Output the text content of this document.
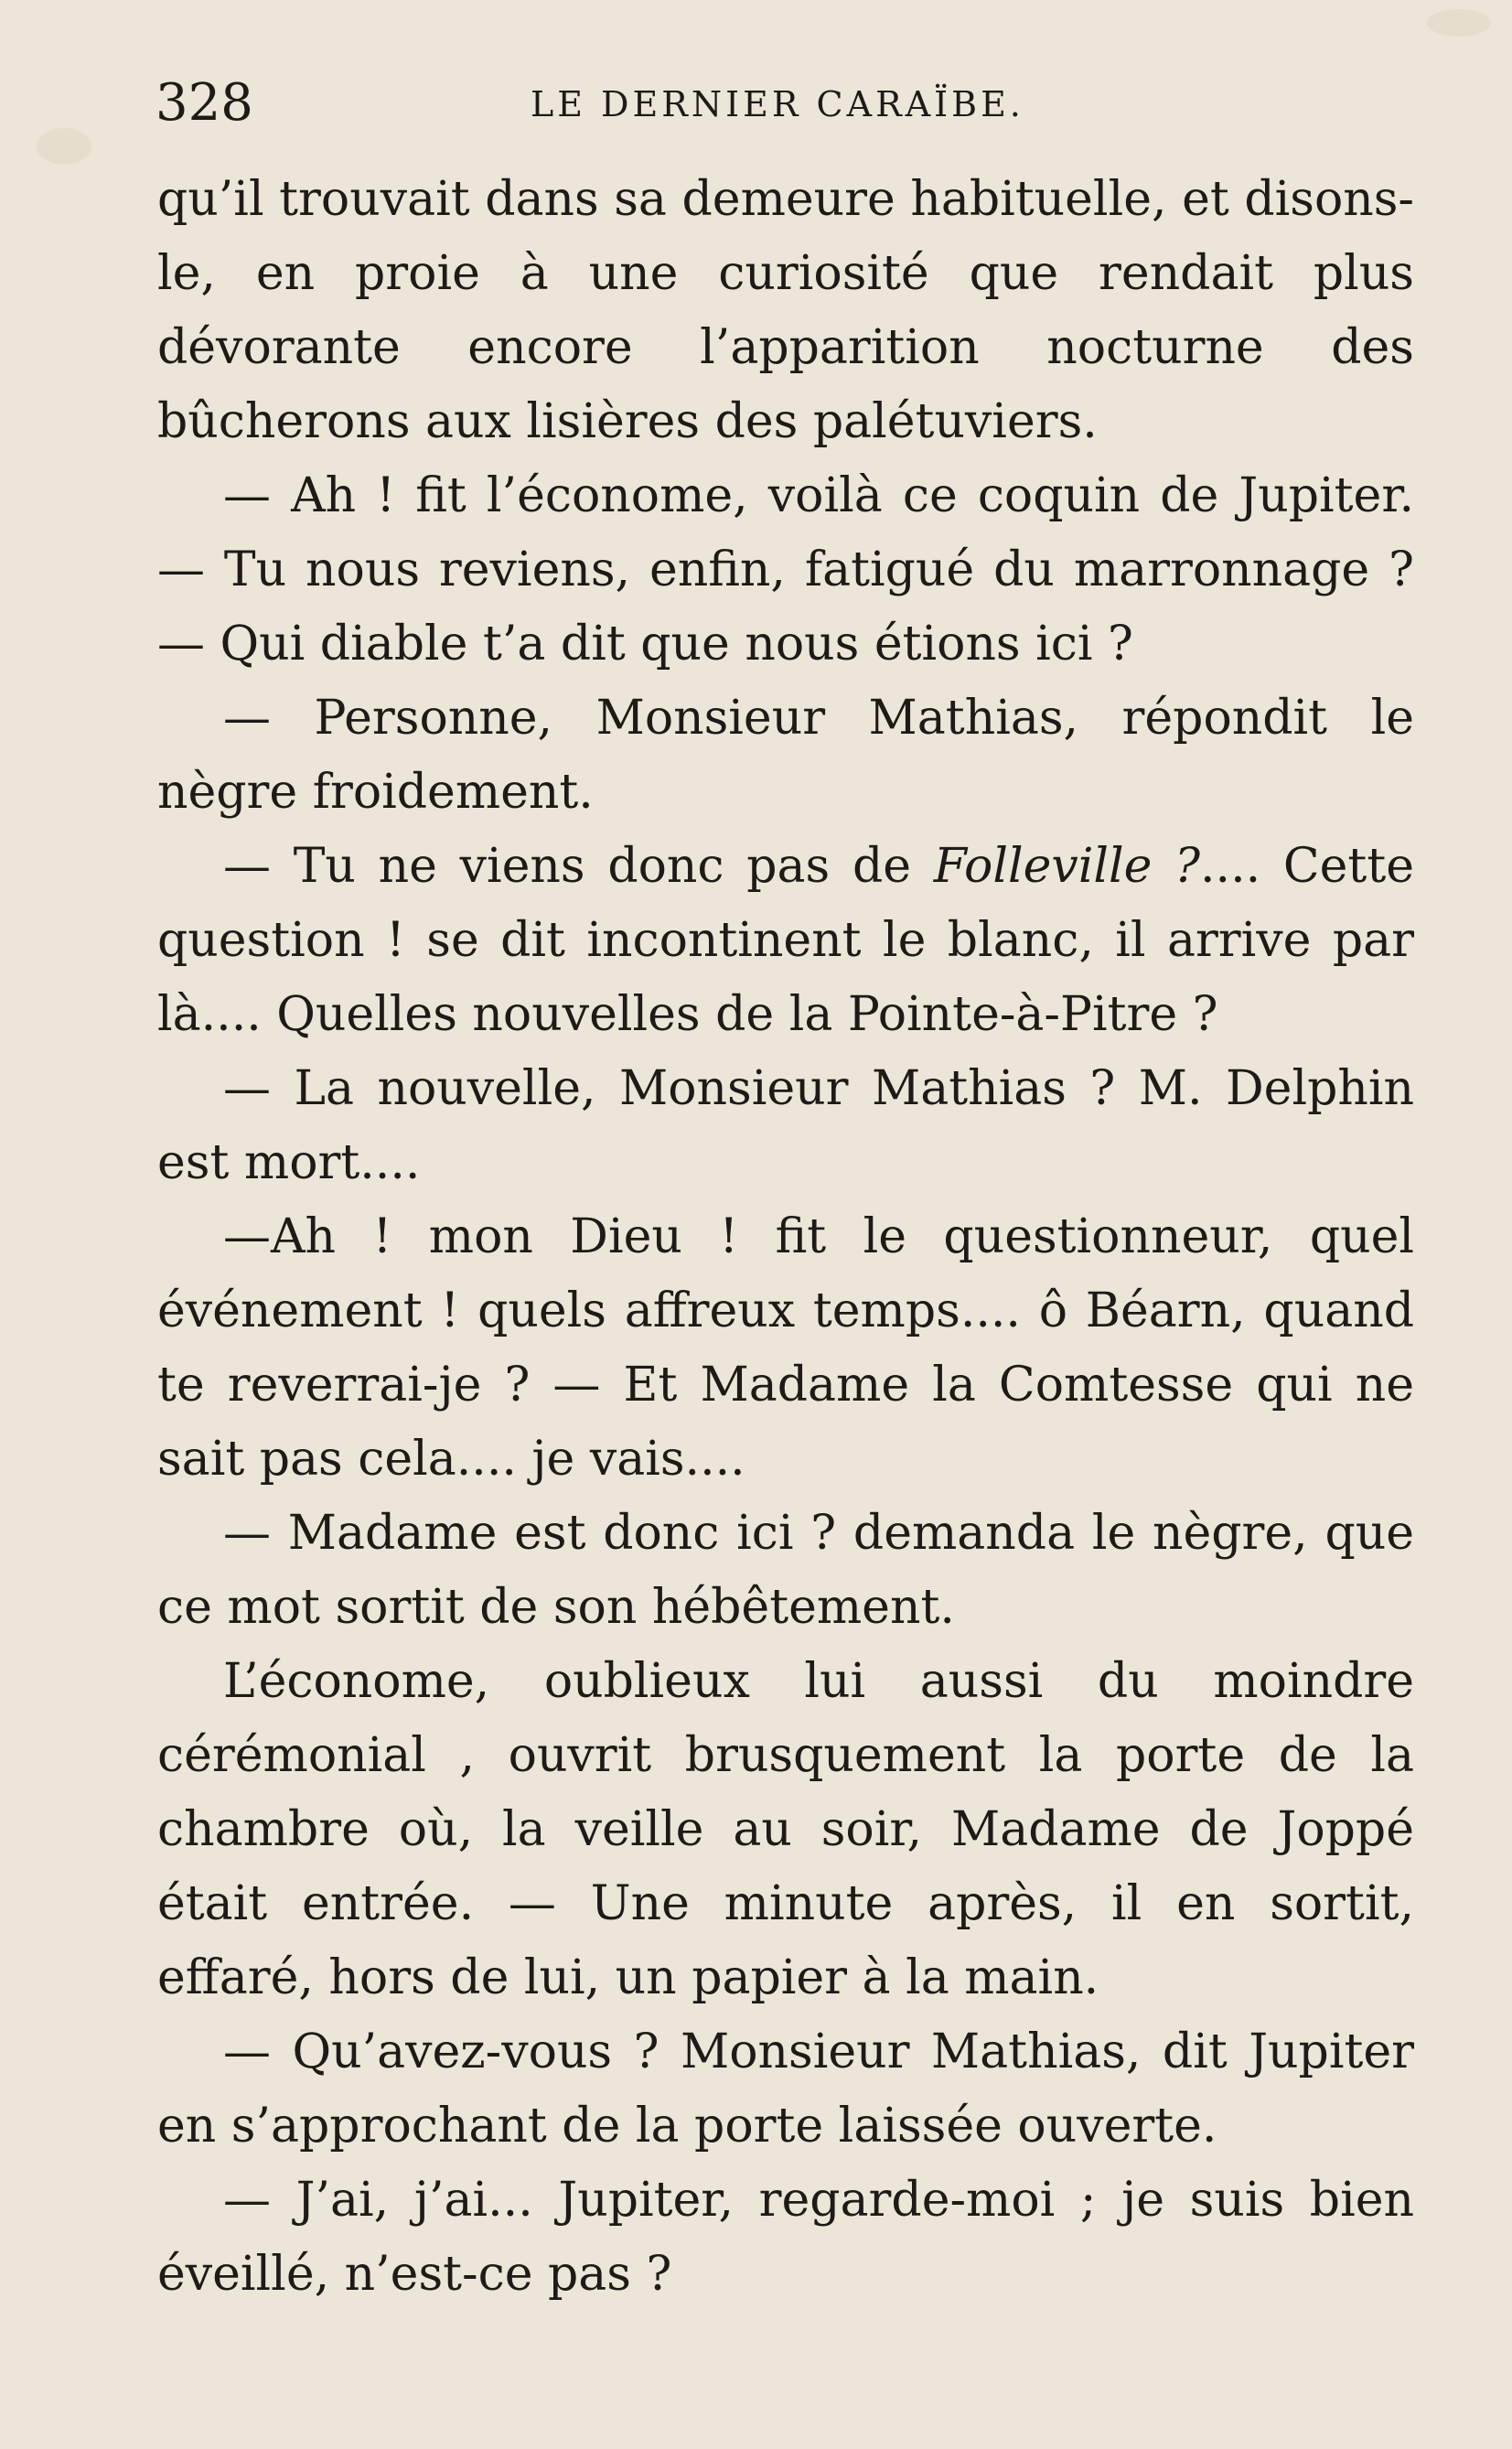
328	LE DERNIER CARAÏBE.

qu’il trouvait dans sa demeure habituelle, et disons-le, en proie à une curiosité que rendait plus dévorante encore l’apparition nocturne des bûcherons aux lisières des palétuviers.

— Ah ! fit l’économe, voilà ce coquin de Jupiter. — Tu nous reviens, enfin, fatigué du marronnage ? — Qui diable t’a dit que nous étions ici ?

— Personne, Monsieur Mathias, répondit le nègre froidement.

— Tu ne viens donc pas de Folleville ?.... Cette question ! se dit incontinent le blanc, il arrive par là.... Quelles nouvelles de la Pointe-à-Pitre ?

— La nouvelle, Monsieur Mathias ? M. Delphin est mort....

—Ah ! mon Dieu ! fit le questionneur, quel événement ! quels affreux temps.... ô Béarn, quand te reverrai-je ? — Et Madame la Comtesse qui ne sait pas cela.... je vais....

— Madame est donc ici ? demanda le nègre, que ce mot sortit de son hébêtement.

L’économe, oublieux lui aussi du moindre cérémonial , ouvrit brusquement la porte de la chambre où, la veille au soir, Madame de Joppé était entrée. — Une minute après, il en sortit, effaré, hors de lui, un papier à la main.

— Qu’avez-vous ? Monsieur Mathias, dit Jupiter en s’approchant de la porte laissée ouverte.

— J’ai, j’ai... Jupiter, regarde-moi ; je suis bien éveillé, n’est-ce pas ?
